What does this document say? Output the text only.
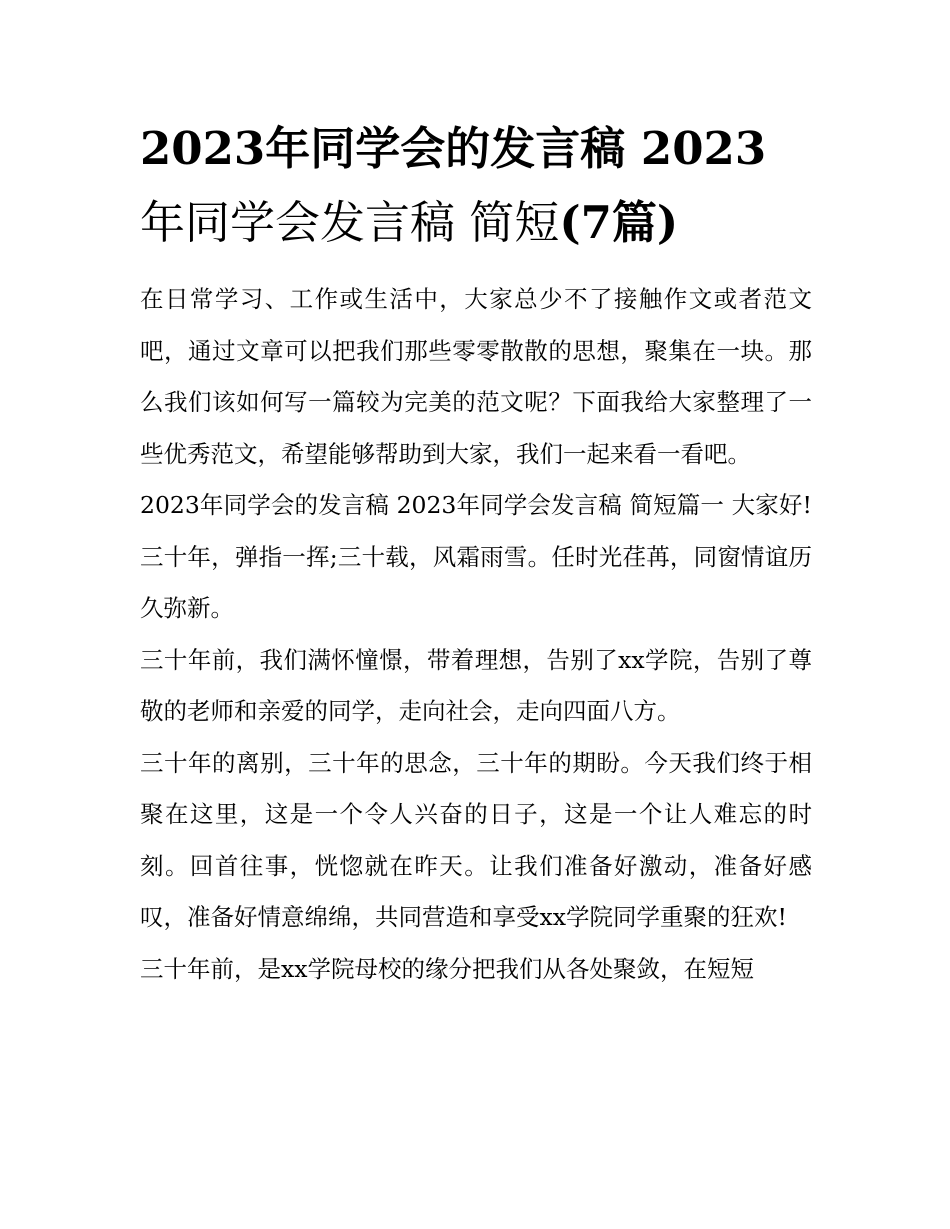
2023年同学会的发言稿 2023
年同学会发言稿 简短(7篇)

在日常学习、工作或生活中，大家总少不了接触作文或者范文吧，通过文章可以把我们那些零零散散的思想，聚集在一块。那么我们该如何写一篇较为完美的范文呢？下面我给大家整理了一些优秀范文，希望能够帮助到大家，我们一起来看一看吧。

2023年同学会的发言稿 2023年同学会发言稿 简短篇一 大家好! 三十年，弹指一挥;三十载，风霜雨雪。任时光荏苒，同窗情谊历久弥新。

三十年前，我们满怀憧憬，带着理想，告别了xx学院，告别了尊敬的老师和亲爱的同学，走向社会，走向四面八方。

三十年的离别，三十年的思念，三十年的期盼。今天我们终于相聚在这里，这是一个令人兴奋的日子，这是一个让人难忘的时刻。回首往事，恍惚就在昨天。让我们准备好激动，准备好感叹，准备好情意绵绵，共同营造和享受xx学院同学重聚的狂欢!

三十年前，是xx学院母校的缘分把我们从各处聚敛，在短短
